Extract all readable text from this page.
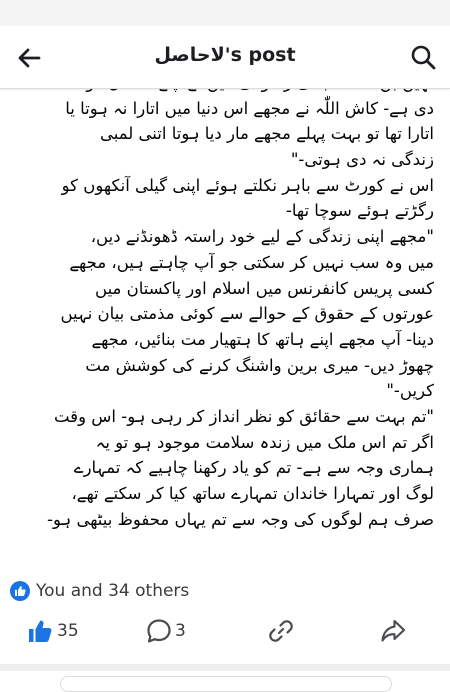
لاحاصل's post
دی ہے- کاش اللّٰہ نے مجھے اس دنیا میں اتارا نہ ہوتا یا
اتارا تھا تو بہت پہلے مجھے مار دیا ہوتا اتنی لمبی
زندگی نہ دی ہوتی-"
اس نے کورٹ سے باہر نکلتے ہوئے اپنی گیلی آنکھوں کو
رگڑتے ہوئے سوچا تھا-
"مجھے اپنی زندگی کے لیے خود راستہ ڈھونڈنے دیں،
میں وہ سب نہیں کر سکتی جو آپ چاہتے ہیں، مجھے
کسی پریس کانفرنس میں اسلام اور پاکستان میں
عورتوں کے حقوق کے حوالے سے کوئی مذمتی بیان نہیں
دینا- آپ مجھے اپنے ہاتھ کا ہتھیار مت بنائیں، مجھے
چھوڑ دیں- میری برین واشنگ کرنے کی کوشش مت
کریں-"
"تم بہت سے حقائق کو نظر انداز کر رہی ہو- اس وقت
اگر تم اس ملک میں زندہ سلامت موجود ہو تو یہ
ہماری وجہ سے ہے- تم کو یاد رکھنا چاہیے کہ تمہارے
لوگ اور تمہارا خاندان تمہارے ساتھ کیا کر سکتے تھے،
صرف ہم لوگوں کی وجہ سے تم یہاں محفوظ بیٹھی ہو-
You and 34 others
35	3
